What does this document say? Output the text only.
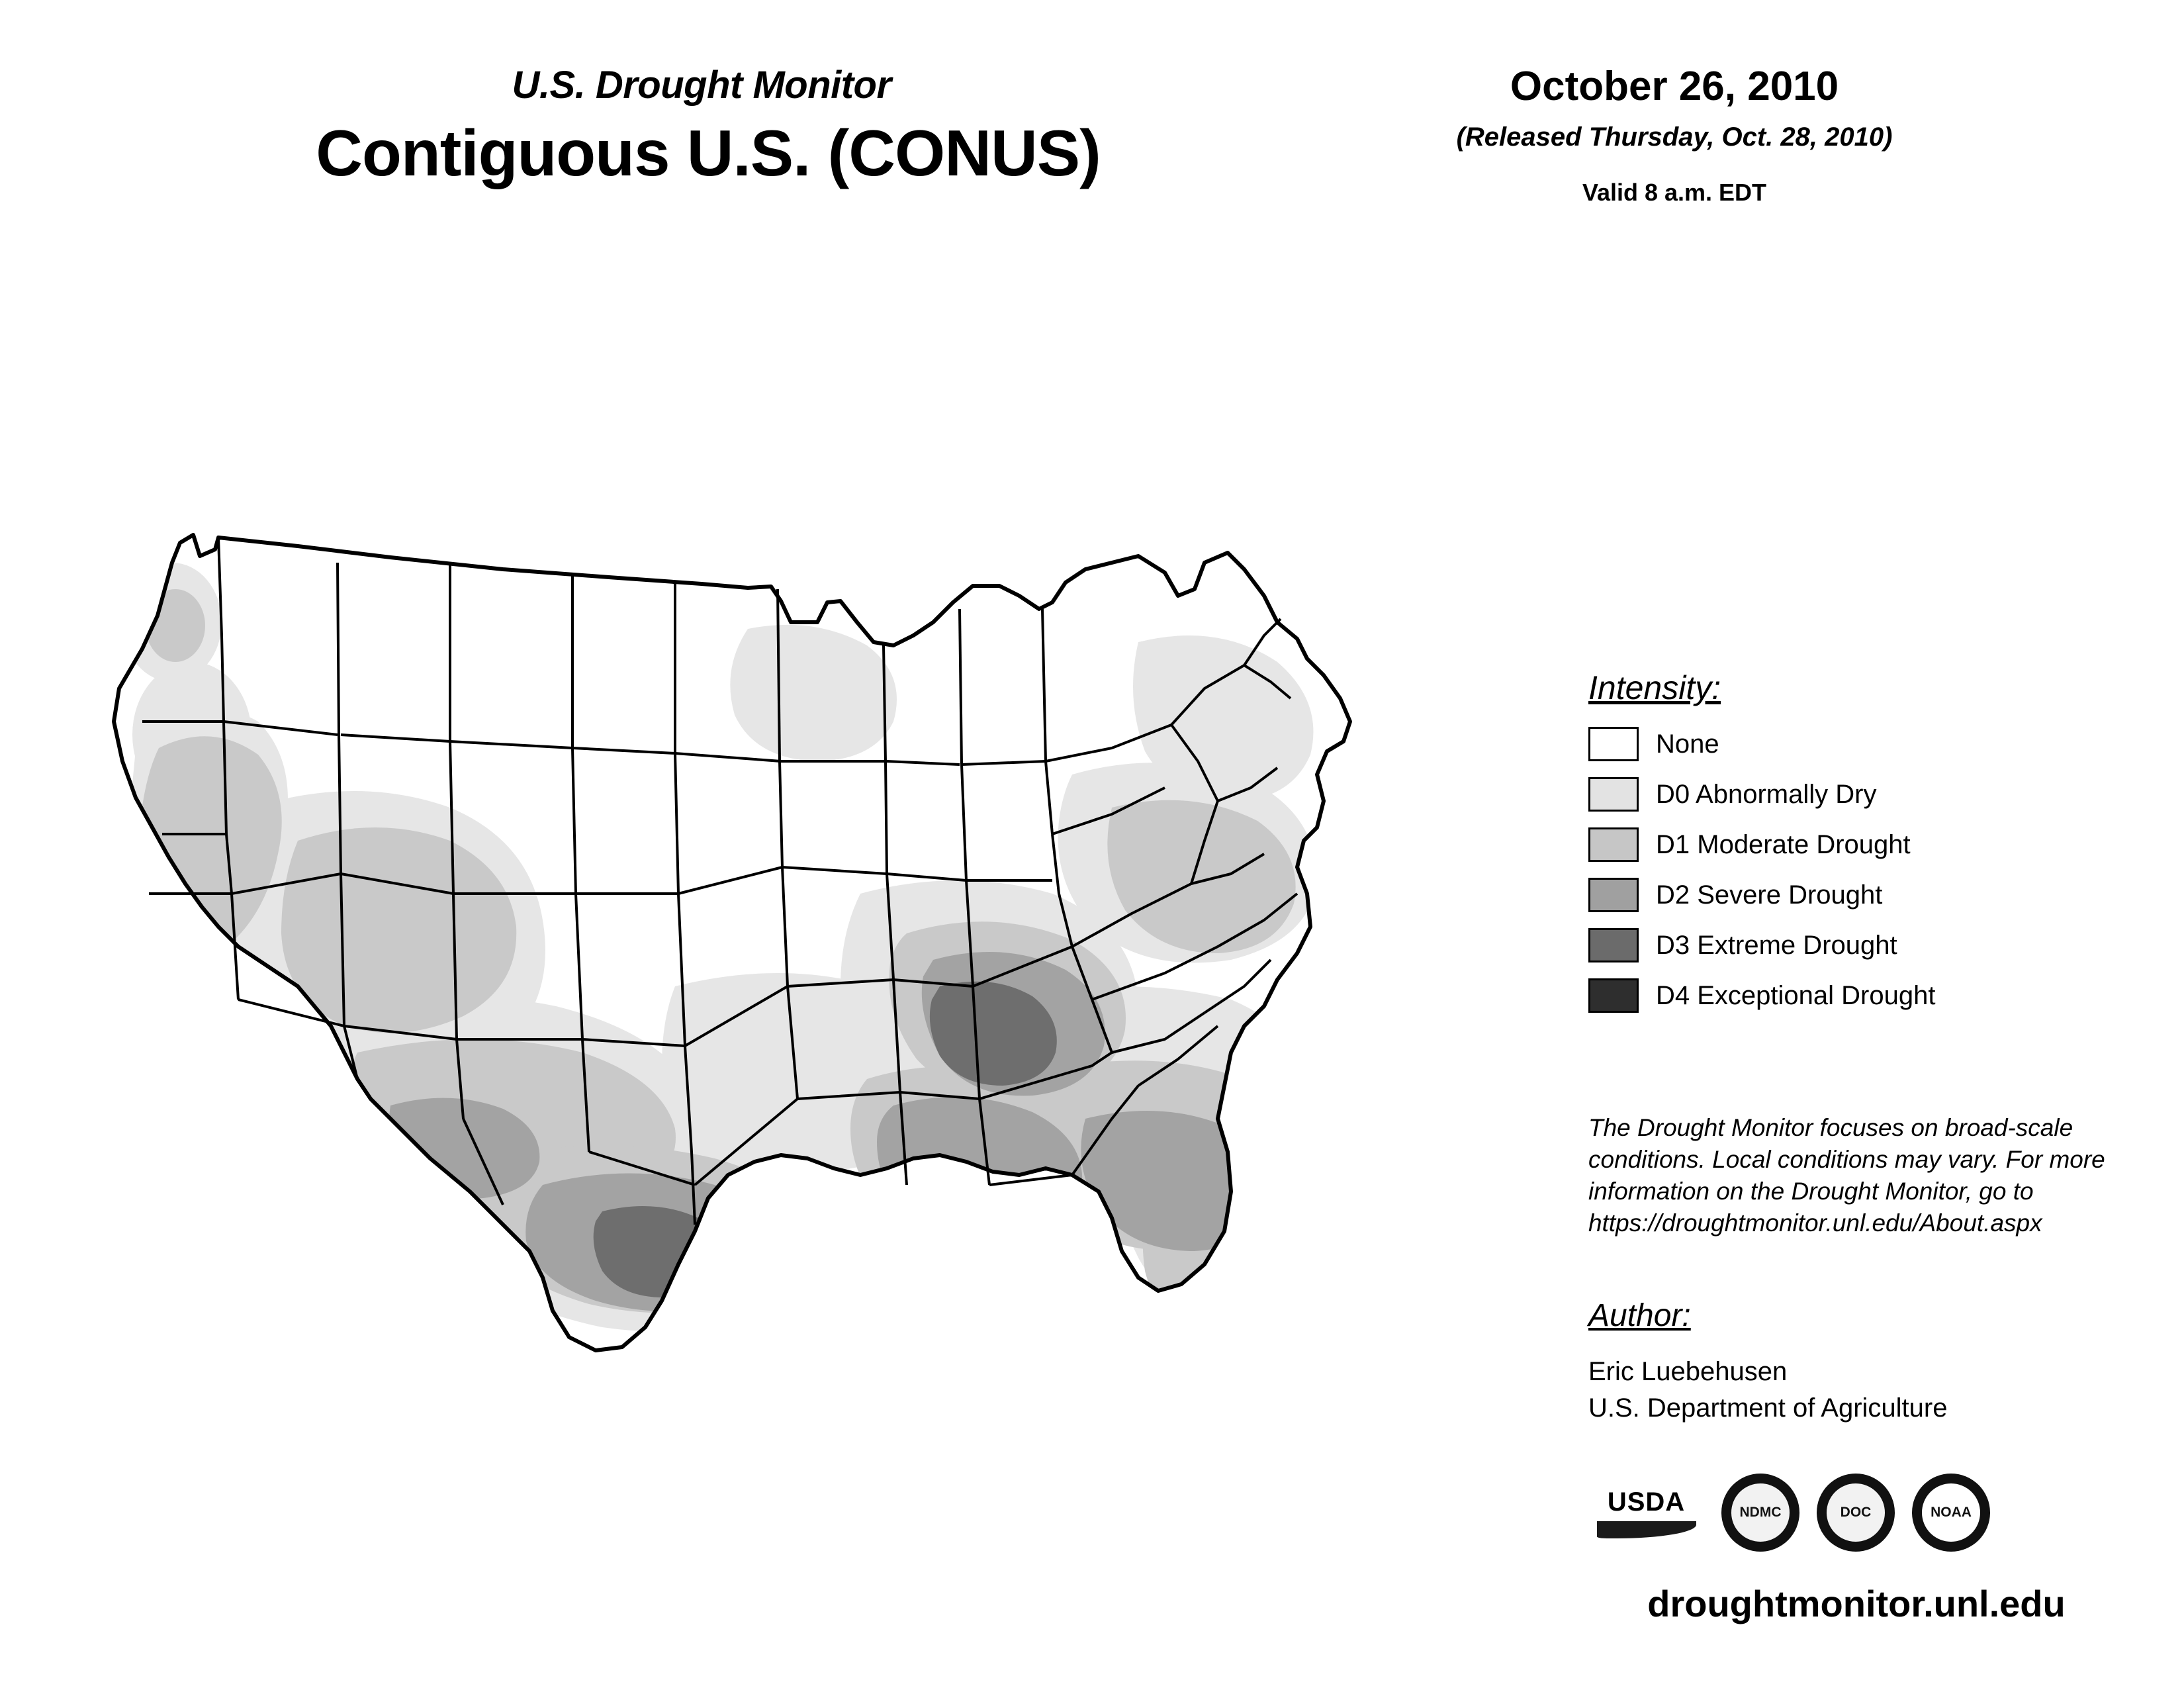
U.S. Drought Monitor
Contiguous U.S. (CONUS)
October 26, 2010
(Released Thursday, Oct. 28, 2010)
Valid 8 a.m. EDT
Intensity:
None
D0 Abnormally Dry
D1 Moderate Drought
D2 Severe Drought
D3 Extreme Drought
D4 Exceptional Drought
The Drought Monitor focuses on broad-scale conditions. Local conditions may vary. For more information on the Drought Monitor, go to https://droughtmonitor.unl.edu/About.aspx
Author:
Eric Luebehusen
U.S. Department of Agriculture
USDA	NDMC	DOC	NOAA
droughtmonitor.unl.edu
